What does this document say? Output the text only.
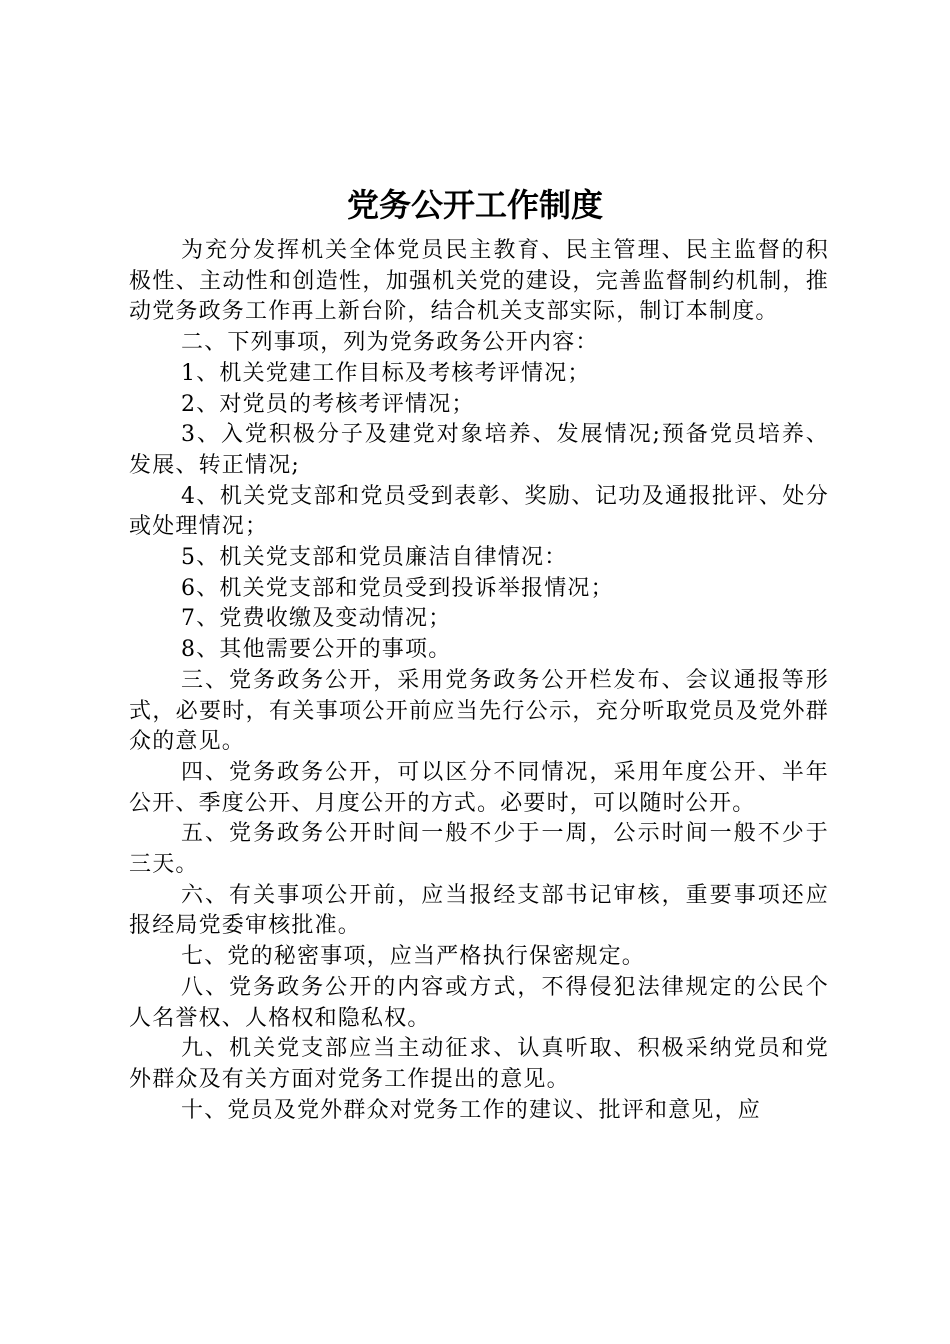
党务公开工作制度

为充分发挥机关全体党员民主教育、民主管理、民主监督的积极性、主动性和创造性，加强机关党的建设，完善监督制约机制，推动党务政务工作再上新台阶，结合机关支部实际，制订本制度。

二、下列事项，列为党务政务公开内容：

1、机关党建工作目标及考核考评情况；

2、对党员的考核考评情况；

3、入党积极分子及建党对象培养、发展情况;预备党员培养、发展、转正情况;

4、机关党支部和党员受到表彰、奖励、记功及通报批评、处分或处理情况；

5、机关党支部和党员廉洁自律情况：

6、机关党支部和党员受到投诉举报情况；

7、党费收缴及变动情况；

8、其他需要公开的事项。

三、党务政务公开，采用党务政务公开栏发布、会议通报等形式，必要时，有关事项公开前应当先行公示，充分听取党员及党外群众的意见。

四、党务政务公开，可以区分不同情况，采用年度公开、半年公开、季度公开、月度公开的方式。必要时，可以随时公开。

五、党务政务公开时间一般不少于一周，公示时间一般不少于三天。

六、有关事项公开前，应当报经支部书记审核，重要事项还应报经局党委审核批准。

七、党的秘密事项，应当严格执行保密规定。

八、党务政务公开的内容或方式，不得侵犯法律规定的公民个人名誉权、人格权和隐私权。

九、机关党支部应当主动征求、认真听取、积极采纳党员和党外群众及有关方面对党务工作提出的意见。

十、党员及党外群众对党务工作的建议、批评和意见，应
